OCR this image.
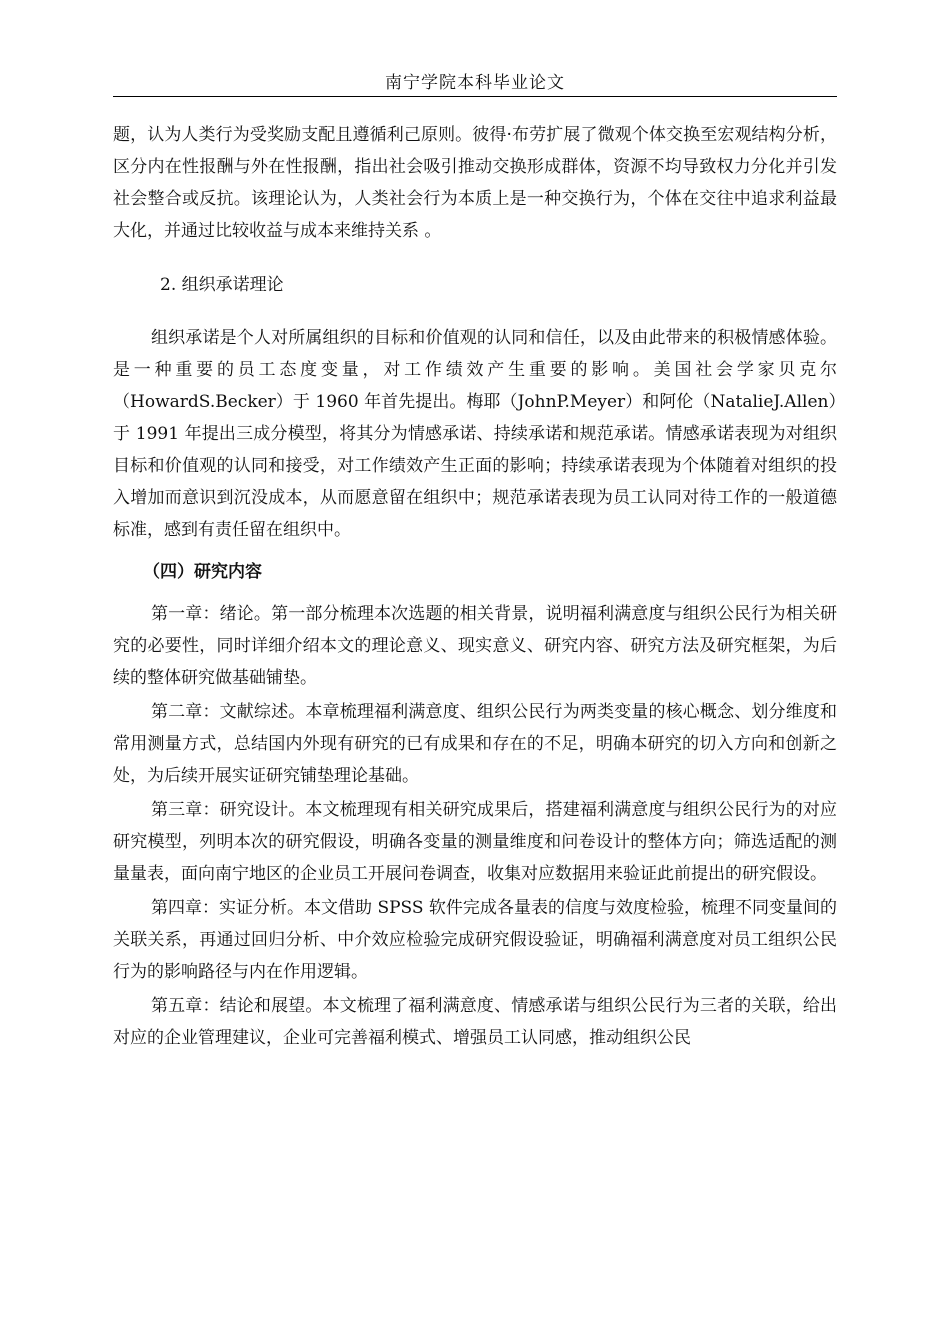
南宁学院本科毕业论文

题，认为人类行为受奖励支配且遵循利己原则。彼得·布劳扩展了微观个体交换至宏观结构分析，区分内在性报酬与外在性报酬，指出社会吸引推动交换形成群体，资源不均导致权力分化并引发社会整合或反抗。该理论认为，人类社会行为本质上是一种交换行为，个体在交往中追求利益最大化，并通过比较收益与成本来维持关系 。

2. 组织承诺理论

组织承诺是个人对所属组织的目标和价值观的认同和信任，以及由此带来的积极情感体验。是一种重要的员工态度变量，对工作绩效产生重要的影响。美国社会学家贝克尔（HowardS.Becker）于 1960 年首先提出。梅耶（JohnP.Meyer）和阿伦（NatalieJ.Allen）于 1991 年提出三成分模型，将其分为情感承诺、持续承诺和规范承诺。情感承诺表现为对组织目标和价值观的认同和接受，对工作绩效产生正面的影响；持续承诺表现为个体随着对组织的投入增加而意识到沉没成本，从而愿意留在组织中；规范承诺表现为员工认同对待工作的一般道德标准，感到有责任留在组织中。

（四）研究内容

第一章：绪论。第一部分梳理本次选题的相关背景，说明福利满意度与组织公民行为相关研究的必要性，同时详细介绍本文的理论意义、现实意义、研究内容、研究方法及研究框架，为后续的整体研究做基础铺垫。

第二章：文献综述。本章梳理福利满意度、组织公民行为两类变量的核心概念、划分维度和常用测量方式，总结国内外现有研究的已有成果和存在的不足，明确本研究的切入方向和创新之处，为后续开展实证研究铺垫理论基础。

第三章：研究设计。本文梳理现有相关研究成果后，搭建福利满意度与组织公民行为的对应研究模型，列明本次的研究假设，明确各变量的测量维度和问卷设计的整体方向；筛选适配的测量量表，面向南宁地区的企业员工开展问卷调查，收集对应数据用来验证此前提出的研究假设。

第四章：实证分析。本文借助 SPSS 软件完成各量表的信度与效度检验，梳理不同变量间的关联关系，再通过回归分析、中介效应检验完成研究假设验证，明确福利满意度对员工组织公民行为的影响路径与内在作用逻辑。

第五章：结论和展望。本文梳理了福利满意度、情感承诺与组织公民行为三者的关联，给出对应的企业管理建议，企业可完善福利模式、增强员工认同感，推动组织公民
